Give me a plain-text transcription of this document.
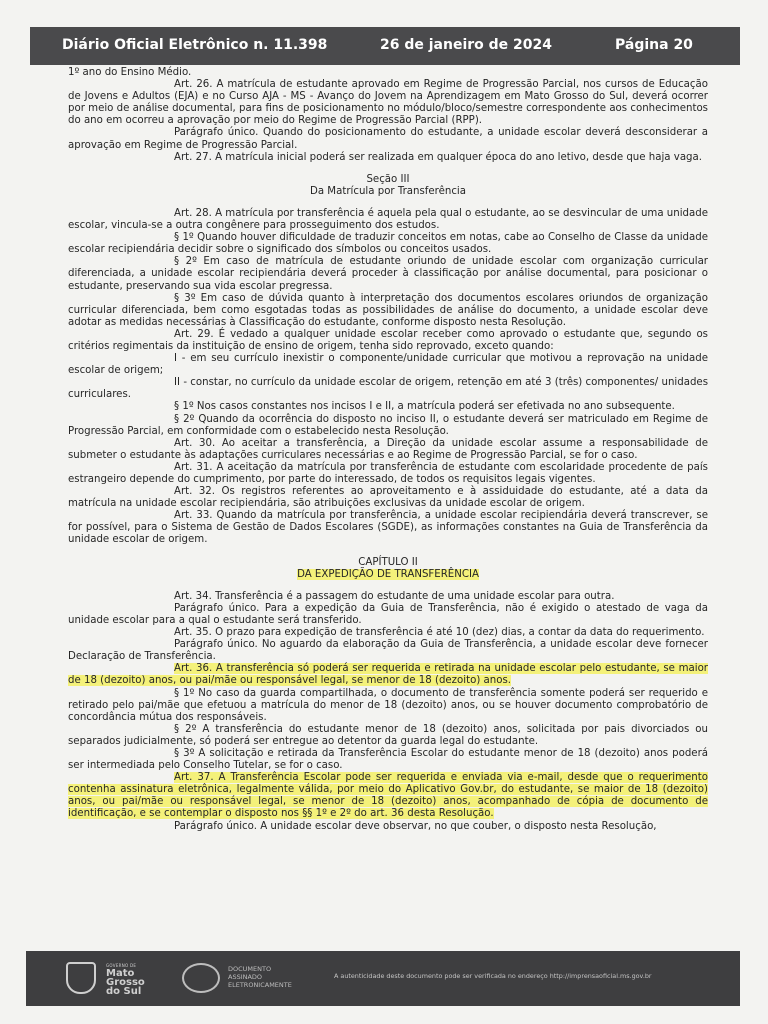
Diário Oficial Eletrônico n. 11.398	26 de janeiro de 2024	Página 20

1º ano do Ensino Médio.

Art. 26. A matrícula de estudante aprovado em Regime de Progressão Parcial, nos cursos de Educação de Jovens e Adultos (EJA) e no Curso AJA - MS - Avanço do Jovem na Aprendizagem em Mato Grosso do Sul, deverá ocorrer por meio de análise documental, para fins de posicionamento no módulo/bloco/semestre correspondente aos conhecimentos do ano em ocorreu a aprovação por meio do Regime de Progressão Parcial (RPP).

Parágrafo único. Quando do posicionamento do estudante, a unidade escolar deverá desconsiderar a aprovação em Regime de Progressão Parcial.

Art. 27. A matrícula inicial poderá ser realizada em qualquer época do ano letivo, desde que haja vaga.

Seção III

Da Matrícula por Transferência

Art. 28. A matrícula por transferência é aquela pela qual o estudante, ao se desvincular de uma unidade escolar, vincula-se a outra congênere para prosseguimento dos estudos.

§ 1º Quando houver dificuldade de traduzir conceitos em notas, cabe ao Conselho de Classe da unidade escolar recipiendária decidir sobre o significado dos símbolos ou conceitos usados.

§ 2º Em caso de matrícula de estudante oriundo de unidade escolar com organização curricular diferenciada, a unidade escolar recipiendária deverá proceder à classificação por análise documental, para posicionar o estudante, preservando sua vida escolar pregressa.

§ 3º Em caso de dúvida quanto à interpretação dos documentos escolares oriundos de organização curricular diferenciada, bem como esgotadas todas as possibilidades de análise do documento, a unidade escolar deve adotar as medidas necessárias à Classificação do estudante, conforme disposto nesta Resolução.

Art. 29. É vedado a qualquer unidade escolar receber como aprovado o estudante que, segundo os critérios regimentais da instituição de ensino de origem, tenha sido reprovado, exceto quando:

I - em seu currículo inexistir o componente/unidade curricular que motivou a reprovação na unidade escolar de origem;

II - constar, no currículo da unidade escolar de origem, retenção em até 3 (três) componentes/ unidades curriculares.

§ 1º Nos casos constantes nos incisos I e II, a matrícula poderá ser efetivada no ano subsequente.

§ 2º Quando da ocorrência do disposto no inciso II, o estudante deverá ser matriculado em Regime de Progressão Parcial, em conformidade com o estabelecido nesta Resolução.

Art. 30. Ao aceitar a transferência, a Direção da unidade escolar assume a responsabilidade de submeter o estudante às adaptações curriculares necessárias e ao Regime de Progressão Parcial, se for o caso.

Art. 31. A aceitação da matrícula por transferência de estudante com escolaridade procedente de país estrangeiro depende do cumprimento, por parte do interessado, de todos os requisitos legais vigentes.

Art. 32. Os registros referentes ao aproveitamento e à assiduidade do estudante, até a data da matrícula na unidade escolar recipiendária, são atribuições exclusivas da unidade escolar de origem.

Art. 33. Quando da matrícula por transferência, a unidade escolar recipiendária deverá transcrever, se for possível, para o Sistema de Gestão de Dados Escolares (SGDE), as informações constantes na Guia de Transferência da unidade escolar de origem.

CAPÍTULO II

DA EXPEDIÇÃO DE TRANSFERÊNCIA

Art. 34. Transferência é a passagem do estudante de uma unidade escolar para outra.

Parágrafo único. Para a expedição da Guia de Transferência, não é exigido o atestado de vaga da unidade escolar para a qual o estudante será transferido.

Art. 35. O prazo para expedição de transferência é até 10 (dez) dias, a contar da data do requerimento.

Parágrafo único. No aguardo da elaboração da Guia de Transferência, a unidade escolar deve fornecer Declaração de Transferência.

Art. 36. A transferência só poderá ser requerida e retirada na unidade escolar pelo estudante, se maior de 18 (dezoito) anos, ou pai/mãe ou responsável legal, se menor de 18 (dezoito) anos.

§ 1º No caso da guarda compartilhada, o documento de transferência somente poderá ser requerido e retirado pelo pai/mãe que efetuou a matrícula do menor de 18 (dezoito) anos, ou se houver documento comprobatório de concordância mútua dos responsáveis.

§ 2º A transferência do estudante menor de 18 (dezoito) anos, solicitada por pais divorciados ou separados judicialmente, só poderá ser entregue ao detentor da guarda legal do estudante.

§ 3º A solicitação e retirada da Transferência Escolar do estudante menor de 18 (dezoito) anos poderá ser intermediada pelo Conselho Tutelar, se for o caso.

Art. 37. A Transferência Escolar pode ser requerida e enviada via e-mail, desde que o requerimento contenha assinatura eletrônica, legalmente válida, por meio do Aplicativo Gov.br, do estudante, se maior de 18 (dezoito) anos, ou pai/mãe ou responsável legal, se menor de 18 (dezoito) anos, acompanhado de cópia de documento de identificação, e se contemplar o disposto nos §§ 1º e 2º do art. 36 desta Resolução.

Parágrafo único. A unidade escolar deve observar, no que couber, o disposto nesta Resolução,

GOVERNO DE
Mato
Grosso
do Sul
DOCUMENTO
ASSINADO
ELETRONICAMENTE
A autenticidade deste documento pode ser verificada no endereço http://imprensaoficial.ms.gov.br
